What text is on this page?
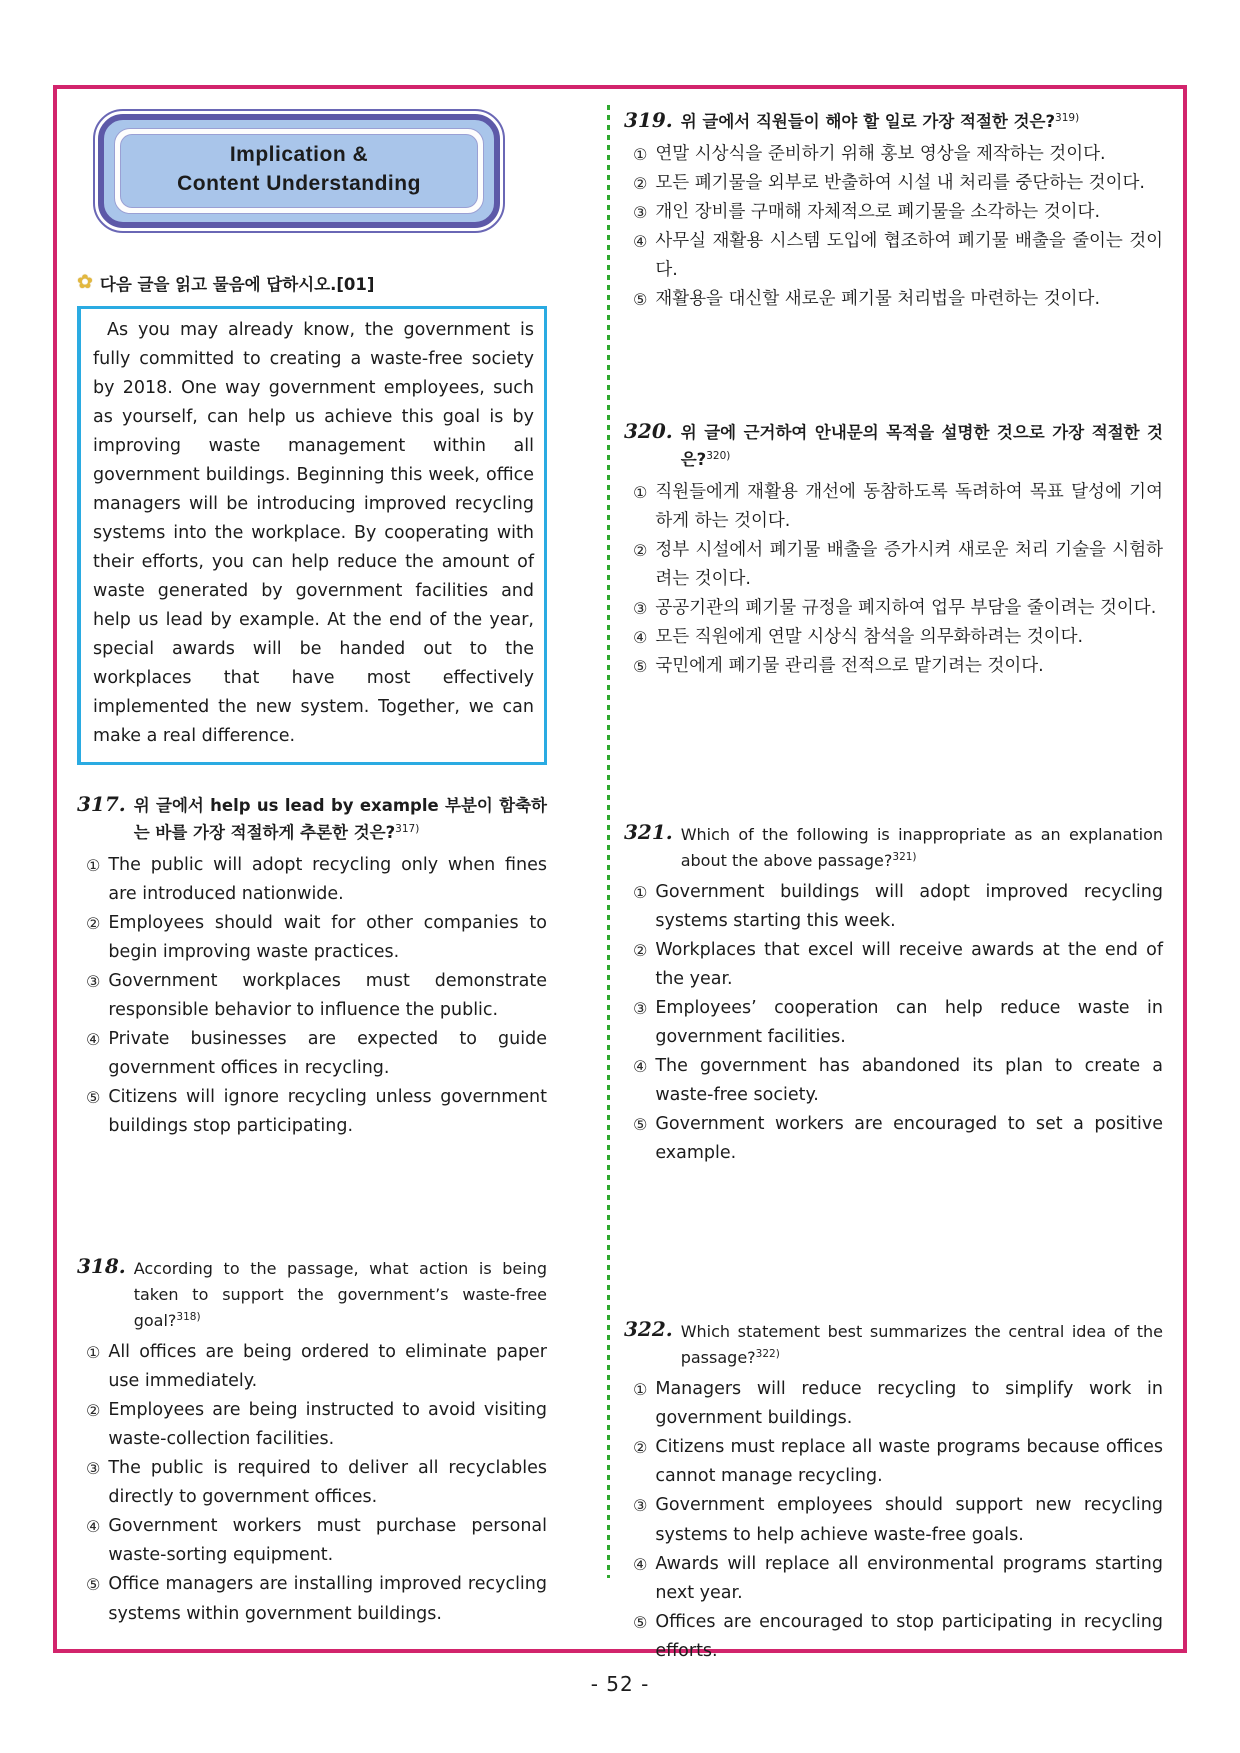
Implication &
Content Understanding
✿ 다음 글을 읽고 물음에 답하시오.[01]
As you may already know, the government is fully committed to creating a waste-free society by 2018. One way government employees, such as yourself, can help us achieve this goal is by improving waste management within all government buildings. Beginning this week, office managers will be introducing improved recycling systems into the workplace. By cooperating with their efforts, you can help reduce the amount of waste generated by government facilities and help us lead by example. At the end of the year, special awards will be handed out to the workplaces that have most effectively implemented the new system. Together, we can make a real difference.
317. 위 글에서 help us lead by example 부분이 함축하는 바를 가장 적절하게 추론한 것은?$^{317)}$
① The public will adopt recycling only when fines are introduced nationwide.
② Employees should wait for other companies to begin improving waste practices.
③ Government workplaces must demonstrate responsible behavior to influence the public.
④ Private businesses are expected to guide government offices in recycling.
⑤ Citizens will ignore recycling unless government buildings stop participating.
318. According to the passage, what action is being taken to support the government’s waste-free goal?$^{318)}$
① All offices are being ordered to eliminate paper use immediately.
② Employees are being instructed to avoid visiting waste-collection facilities.
③ The public is required to deliver all recyclables directly to government offices.
④ Government workers must purchase personal waste-sorting equipment.
⑤ Office managers are installing improved recycling systems within government buildings.
319. 위 글에서 직원들이 해야 할 일로 가장 적절한 것은?$^{319)}$
① 연말 시상식을 준비하기 위해 홍보 영상을 제작하는 것이다.
② 모든 폐기물을 외부로 반출하여 시설 내 처리를 중단하는 것이다.
③ 개인 장비를 구매해 자체적으로 폐기물을 소각하는 것이다.
④ 사무실 재활용 시스템 도입에 협조하여 폐기물 배출을 줄이는 것이다.
⑤ 재활용을 대신할 새로운 폐기물 처리법을 마련하는 것이다.
320. 위 글에 근거하여 안내문의 목적을 설명한 것으로 가장 적절한 것은?$^{320)}$
① 직원들에게 재활용 개선에 동참하도록 독려하여 목표 달성에 기여하게 하는 것이다.
② 정부 시설에서 폐기물 배출을 증가시켜 새로운 처리 기술을 시험하려는 것이다.
③ 공공기관의 폐기물 규정을 폐지하여 업무 부담을 줄이려는 것이다.
④ 모든 직원에게 연말 시상식 참석을 의무화하려는 것이다.
⑤ 국민에게 폐기물 관리를 전적으로 맡기려는 것이다.
321. Which of the following is inappropriate as an explanation about the above passage?$^{321)}$
① Government buildings will adopt improved recycling systems starting this week.
② Workplaces that excel will receive awards at the end of the year.
③ Employees’ cooperation can help reduce waste in government facilities.
④ The government has abandoned its plan to create a waste-free society.
⑤ Government workers are encouraged to set a positive example.
322. Which statement best summarizes the central idea of the passage?$^{322)}$
① Managers will reduce recycling to simplify work in government buildings.
② Citizens must replace all waste programs because offices cannot manage recycling.
③ Government employees should support new recycling systems to help achieve waste-free goals.
④ Awards will replace all environmental programs starting next year.
⑤ Offices are encouraged to stop participating in recycling efforts.
- 52 -
